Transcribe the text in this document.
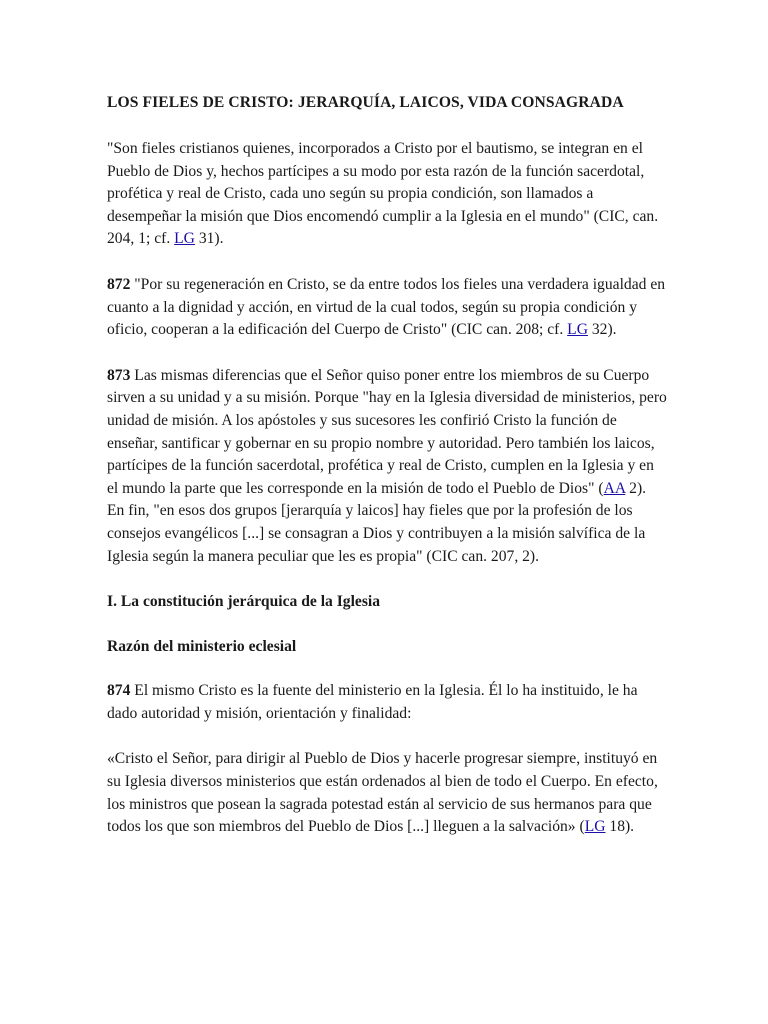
LOS FIELES DE CRISTO: JERARQUÍA, LAICOS, VIDA CONSAGRADA

"Son fieles cristianos quienes, incorporados a Cristo por el bautismo, se integran en el Pueblo de Dios y, hechos partícipes a su modo por esta razón de la función sacerdotal, profética y real de Cristo, cada uno según su propia condición, son llamados a desempeñar la misión que Dios encomendó cumplir a la Iglesia en el mundo" (CIC, can. 204, 1; cf. LG 31).

872 "Por su regeneración en Cristo, se da entre todos los fieles una verdadera igualdad en cuanto a la dignidad y acción, en virtud de la cual todos, según su propia condición y oficio, cooperan a la edificación del Cuerpo de Cristo" (CIC can. 208; cf. LG 32).

873 Las mismas diferencias que el Señor quiso poner entre los miembros de su Cuerpo sirven a su unidad y a su misión. Porque "hay en la Iglesia diversidad de ministerios, pero unidad de misión. A los apóstoles y sus sucesores les confirió Cristo la función de enseñar, santificar y gobernar en su propio nombre y autoridad. Pero también los laicos, partícipes de la función sacerdotal, profética y real de Cristo, cumplen en la Iglesia y en el mundo la parte que les corresponde en la misión de todo el Pueblo de Dios" (AA 2). En fin, "en esos dos grupos [jerarquía y laicos] hay fieles que por la profesión de los consejos evangélicos [...] se consagran a Dios y contribuyen a la misión salvífica de la Iglesia según la manera peculiar que les es propia" (CIC can. 207, 2).

I. La constitución jerárquica de la Iglesia
Razón del ministerio eclesial

874 El mismo Cristo es la fuente del ministerio en la Iglesia. Él lo ha instituido, le ha dado autoridad y misión, orientación y finalidad:

«Cristo el Señor, para dirigir al Pueblo de Dios y hacerle progresar siempre, instituyó en su Iglesia diversos ministerios que están ordenados al bien de todo el Cuerpo. En efecto, los ministros que posean la sagrada potestad están al servicio de sus hermanos para que todos los que son miembros del Pueblo de Dios [...] lleguen a la salvación» (LG 18).
